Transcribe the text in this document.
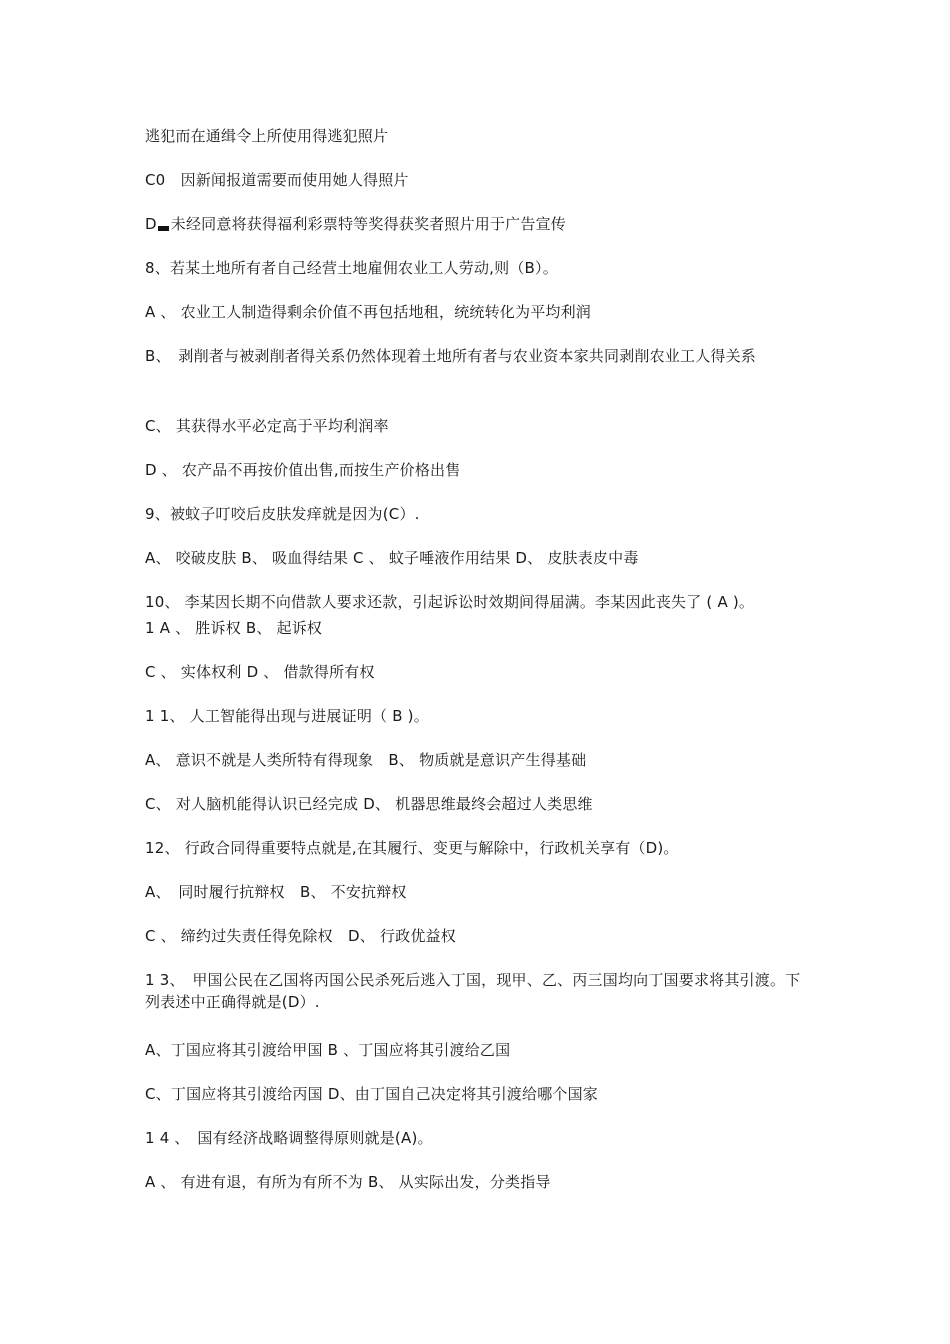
逃犯而在通缉令上所使用得逃犯照片
C0　因新闻报道需要而使用她人得照片
D 未经同意将获得福利彩票特等奖得获奖者照片用于广告宣传
8、若某土地所有者自己经营土地雇佣农业工人劳动,则（B）。
A 、 农业工人制造得剩余价值不再包括地租，统统转化为平均利润
B、　剥削者与被剥削者得关系仍然体现着土地所有者与农业资本家共同剥削农业工人得关系
C、 其获得水平必定高于平均利润率
D 、 农产品不再按价值出售,而按生产价格出售
9、被蚊子叮咬后皮肤发痒就是因为(C）.
A、 咬破皮肤 B、 吸血得结果 C 、 蚊子唾液作用结果 D、 皮肤表皮中毒
10、 李某因长期不向借款人要求还款，引起诉讼时效期间得届满。李某因此丧失了 ( A )。
1 A 、 胜诉权 B、 起诉权
C 、 实体权利 D 、 借款得所有权
1 1、 人工智能得出现与进展证明（ B )。
A、 意识不就是人类所特有得现象　B、 物质就是意识产生得基础
C、 对人脑机能得认识已经完成 D、 机器思维最终会超过人类思维
12、 行政合同得重要特点就是,在其履行、变更与解除中，行政机关享有（D)。
A、　同时履行抗辩权　B、 不安抗辩权
C 、 缔约过失责任得免除权　D、 行政优益权
1 3、　甲国公民在乙国将丙国公民杀死后逃入丁国，现甲、乙、丙三国均向丁国要求将其引渡。下列表述中正确得就是(D）.
A、丁国应将其引渡给甲国 B 、丁国应将其引渡给乙国
C、丁国应将其引渡给丙国 D、由丁国自己决定将其引渡给哪个国家
1 4 、　国有经济战略调整得原则就是(A)。
A 、 有进有退，有所为有所不为 B、 从实际出发，分类指导
